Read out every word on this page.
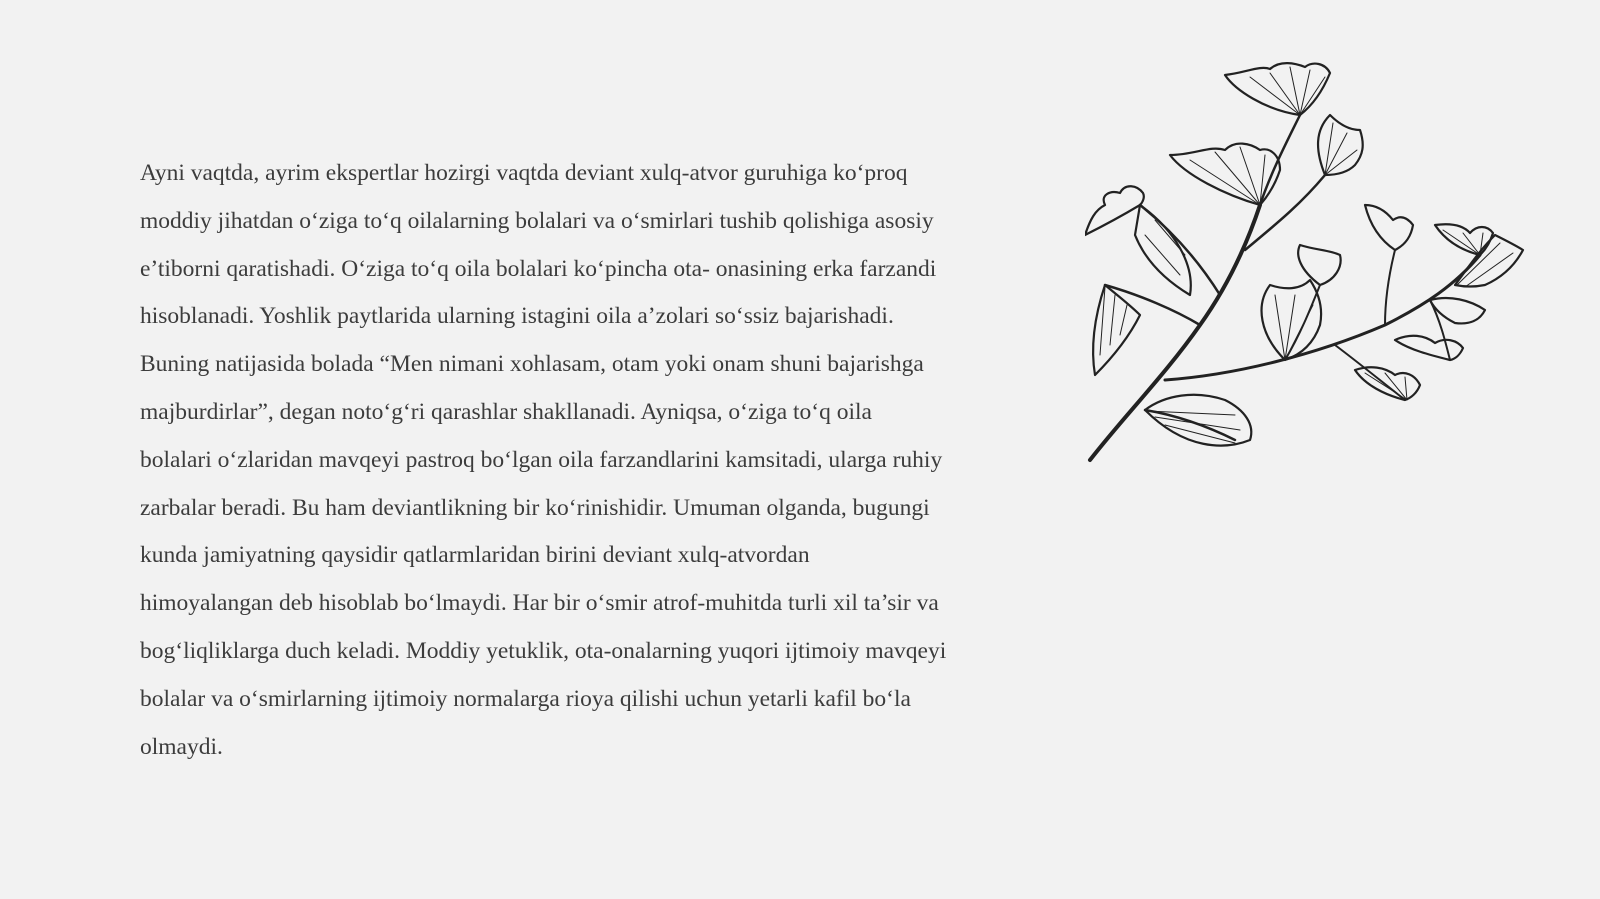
Ayni vaqtda, ayrim ekspertlar hozirgi vaqtda deviant xulq-atvor guruhiga ko‘proq
moddiy jihatdan o‘ziga to‘q oilalarning bolalari va o‘smirlari tushib qolishiga asosiy
e’tiborni qaratishadi. O‘ziga to‘q oila bolalari ko‘pincha ota- onasining erka farzandi
hisoblanadi. Yoshlik paytlarida ularning istagini oila a’zolari so‘ssiz bajarishadi.
Buning natijasida bolada “Men nimani xohlasam, otam yoki onam shuni bajarishga
majburdirlar”, degan noto‘g‘ri qarashlar shakllanadi. Ayniqsa, o‘ziga to‘q oila
bolalari o‘zlaridan mavqeyi pastroq bo‘lgan oila farzandlarini kamsitadi, ularga ruhiy
zarbalar beradi. Bu ham deviantlikning bir ko‘rinishidir. Umuman olganda, bugungi
kunda jamiyatning qaysidir qatlarmlaridan birini deviant xulq-atvordan
himoyalangan deb hisoblab bo‘lmaydi. Har bir o‘smir atrof-muhitda turli xil ta’sir va
bog‘liqliklarga duch keladi. Moddiy yetuklik, ota-onalarning yuqori ijtimoiy mavqeyi
bolalar va o‘smirlarning ijtimoiy normalarga rioya qilishi uchun yetarli kafil bo‘la
olmaydi.
